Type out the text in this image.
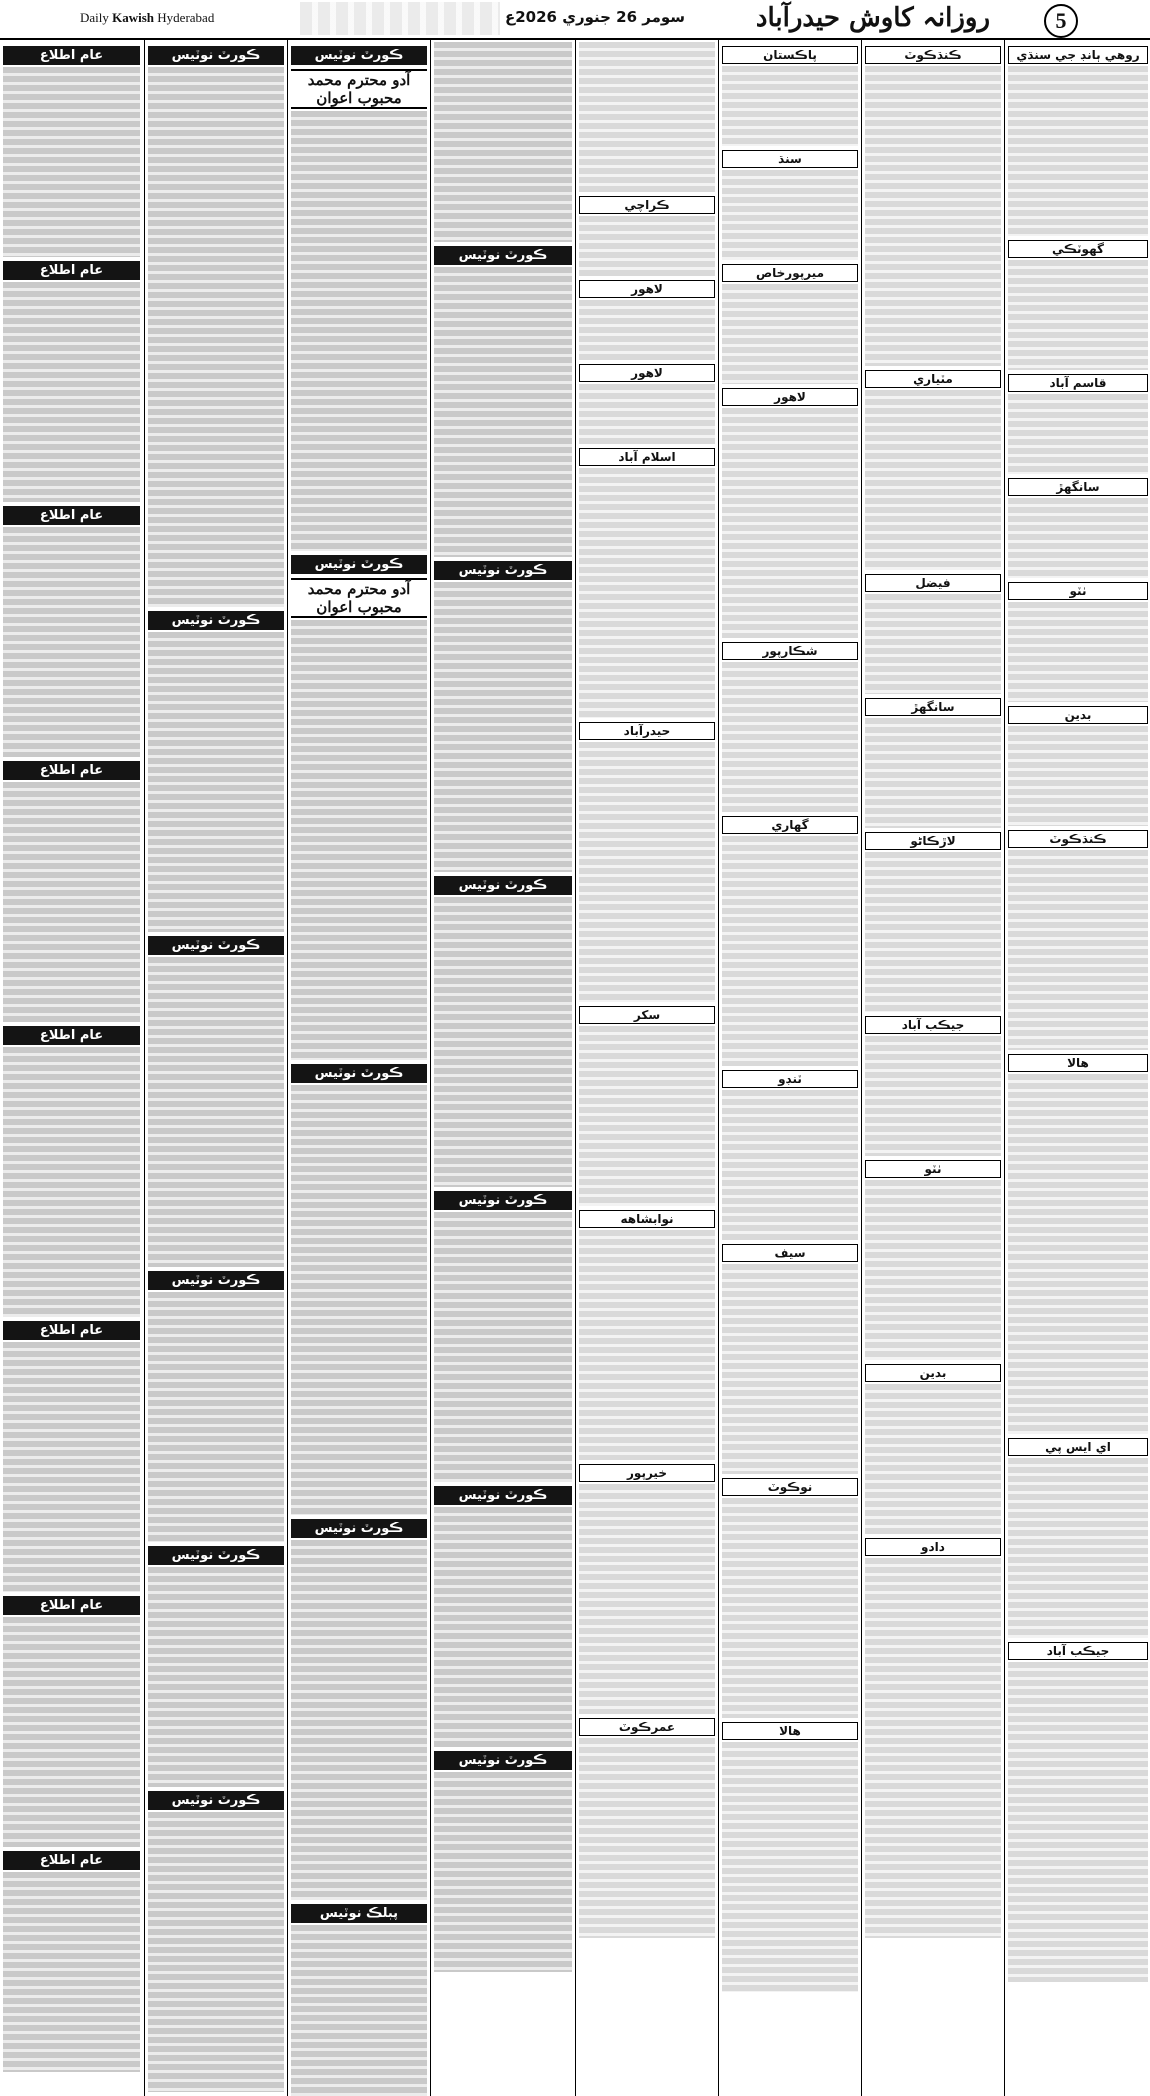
5
روزانہ کاوش حیدرآباد
سومر 26 جنوري 2026ع
Daily Kawish Hyderabad
عام اطلاع
عام اطلاع
عام اطلاع
عام اطلاع
عام اطلاع
عام اطلاع
عام اطلاع
عام اطلاع
ڪورٽ نوٽيس
ڪورٽ نوٽيس
ڪورٽ نوٽيس
ڪورٽ نوٽيس
ڪورٽ نوٽيس
ڪورٽ نوٽيس
ڪورٽ نوٽيس
آدو محترم محمد محبوب اعوان
ڪورٽ نوٽيس
آدو محترم محمد محبوب اعوان
ڪورٽ نوٽيس
ڪورٽ نوٽيس
پبلڪ نوٽيس
ڪورٽ نوٽيس
ڪورٽ نوٽيس
ڪورٽ نوٽيس
ڪورٽ نوٽيس
ڪورٽ نوٽيس
ڪورٽ نوٽيس
ڪراچي
لاهور
لاهور
اسلام آباد
حيدرآباد
سکر
نوابشاهه
خيرپور
عمرڪوٽ
پاڪستان
سنڌ
ميرپورخاص
لاهور
شڪارپور
گهاري
ٽنڊو
سيف
نوڪوٽ
هالا
ڪنڌڪوٽ
مٽياري
فيضل
سانگهڙ
لاڙڪاڻو
جيڪب آباد
ٺٽو
بدين
دادو
روهي ٻانڊ جي سنڌي
گهوٽڪي
قاسم آباد
سانگهڙ
ٺٽو
بدين
ڪنڌڪوٽ
هالا
اي ايس پي
جيڪب آباد
